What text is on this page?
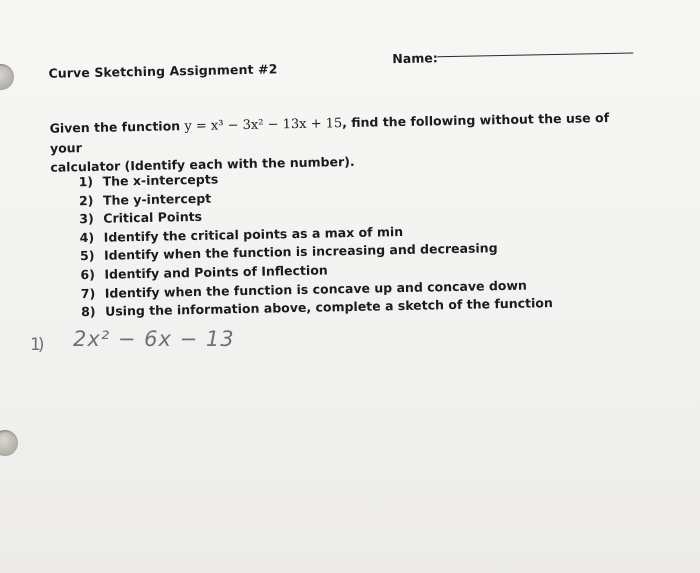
Curve Sketching Assignment #2
Name:
Given the function y = x³ − 3x² − 13x + 15, find the following without the use of your
calculator (Identify each with the number).
1) The x-intercepts
2) The y-intercept
3) Critical Points
4) Identify the critical points as a max of min
5) Identify when the function is increasing and decreasing
6) Identify and Points of Inflection
7) Identify when the function is concave up and concave down
8) Using the information above, complete a sketch of the function
1) 2x² − 6x − 13
